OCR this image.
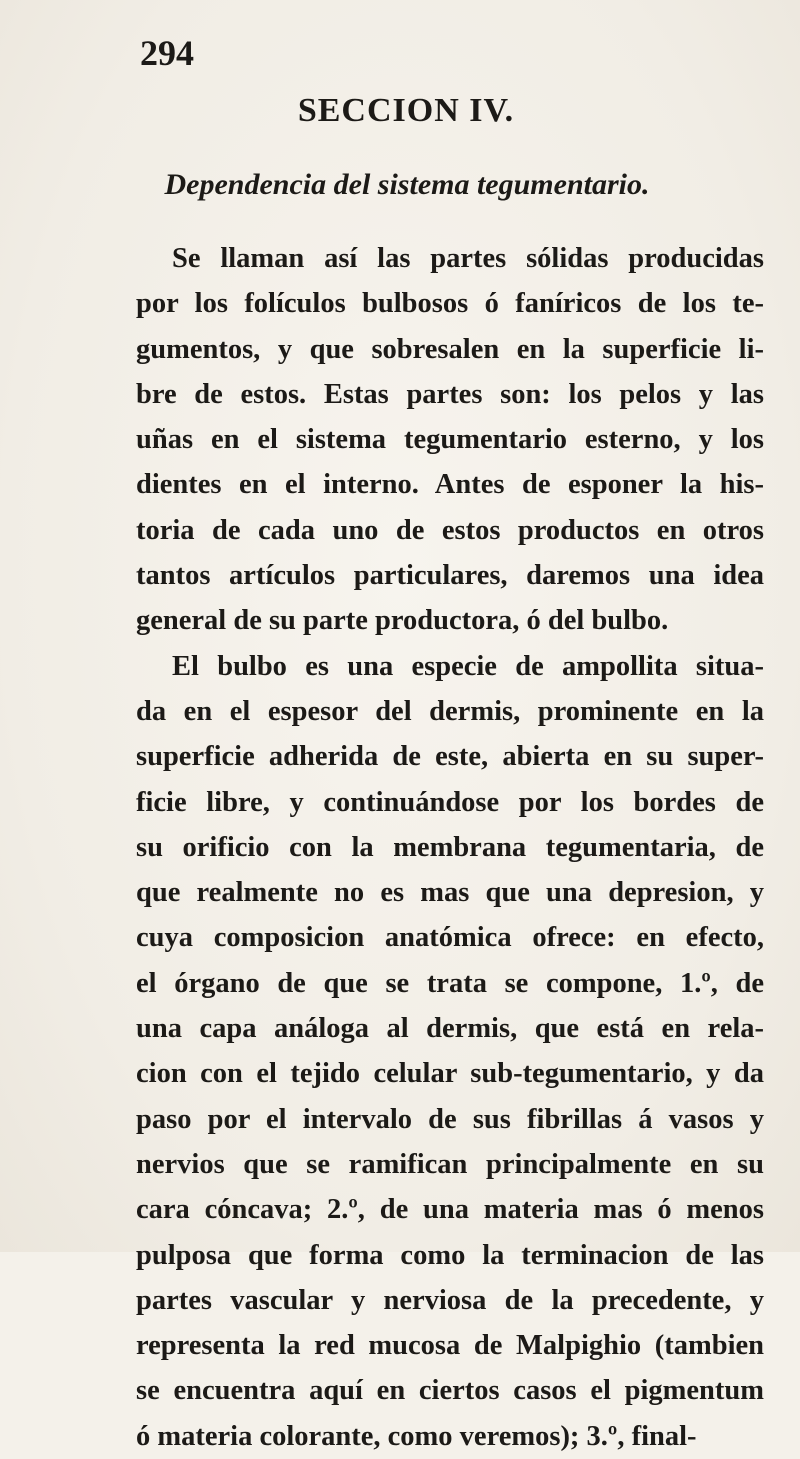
294
SECCION IV.
Dependencia del sistema tegumentario.
Se llaman así las partes sólidas producidas
por los folículos bulbosos ó faníricos de los te-
gumentos, y que sobresalen en la superficie li-
bre de estos. Estas partes son: los pelos y las
uñas en el sistema tegumentario esterno, y los
dientes en el interno. Antes de esponer la his-
toria de cada uno de estos productos en otros
tantos artículos particulares, daremos una idea
general de su parte productora, ó del bulbo.
El bulbo es una especie de ampollita situa-
da en el espesor del dermis, prominente en la
superficie adherida de este, abierta en su super-
ficie libre, y continuándose por los bordes de
su orificio con la membrana tegumentaria, de
que realmente no es mas que una depresion, y
cuya composicion anatómica ofrece: en efecto,
el órgano de que se trata se compone, 1.º, de
una capa análoga al dermis, que está en rela-
cion con el tejido celular sub-tegumentario, y da
paso por el intervalo de sus fibrillas á vasos y
nervios que se ramifican principalmente en su
cara cóncava; 2.º, de una materia mas ó menos
pulposa que forma como la terminacion de las
partes vascular y nerviosa de la precedente, y
representa la red mucosa de Malpighio (tambien
se encuentra aquí en ciertos casos el pigmentum
ó materia colorante, como veremos); 3.º, final-
